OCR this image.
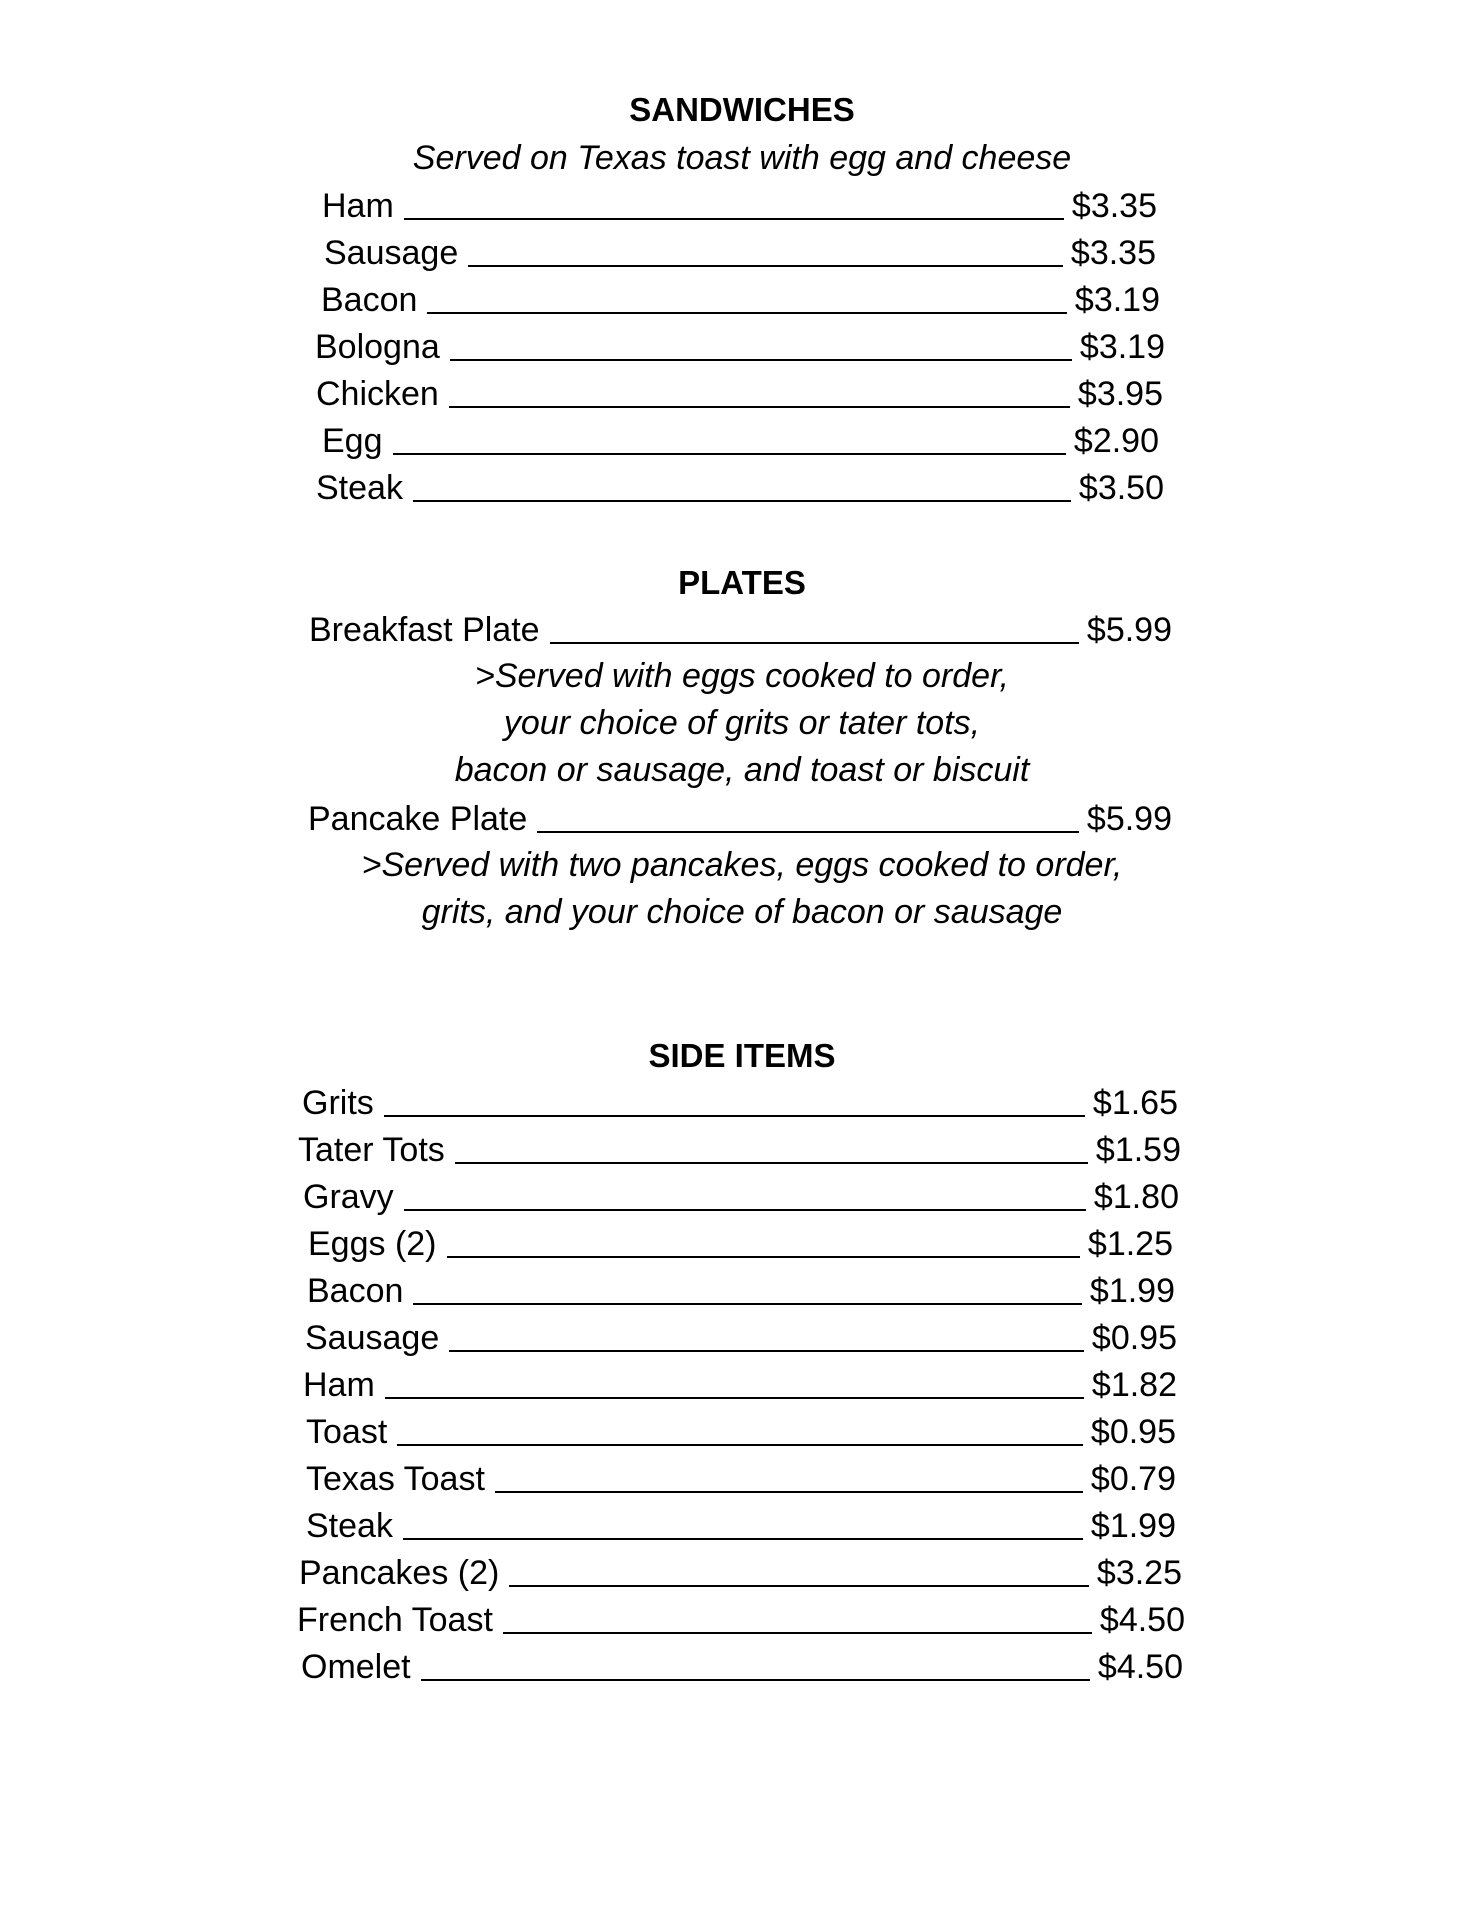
SANDWICHES
Served on Texas toast with egg and cheese
Ham	$3.35
Sausage	$3.35
Bacon	$3.19
Bologna	$3.19
Chicken	$3.95
Egg	$2.90
Steak	$3.50
PLATES
Breakfast Plate	$5.99
>Served with eggs cooked to order,
your choice of grits or tater tots,
bacon or sausage, and toast or biscuit
Pancake Plate	$5.99
>Served with two pancakes, eggs cooked to order,
grits, and your choice of bacon or sausage
SIDE ITEMS
Grits	$1.65
Tater Tots	$1.59
Gravy	$1.80
Eggs (2)	$1.25
Bacon	$1.99
Sausage	$0.95
Ham	$1.82
Toast	$0.95
Texas Toast	$0.79
Steak	$1.99
Pancakes (2)	$3.25
French Toast	$4.50
Omelet	$4.50
